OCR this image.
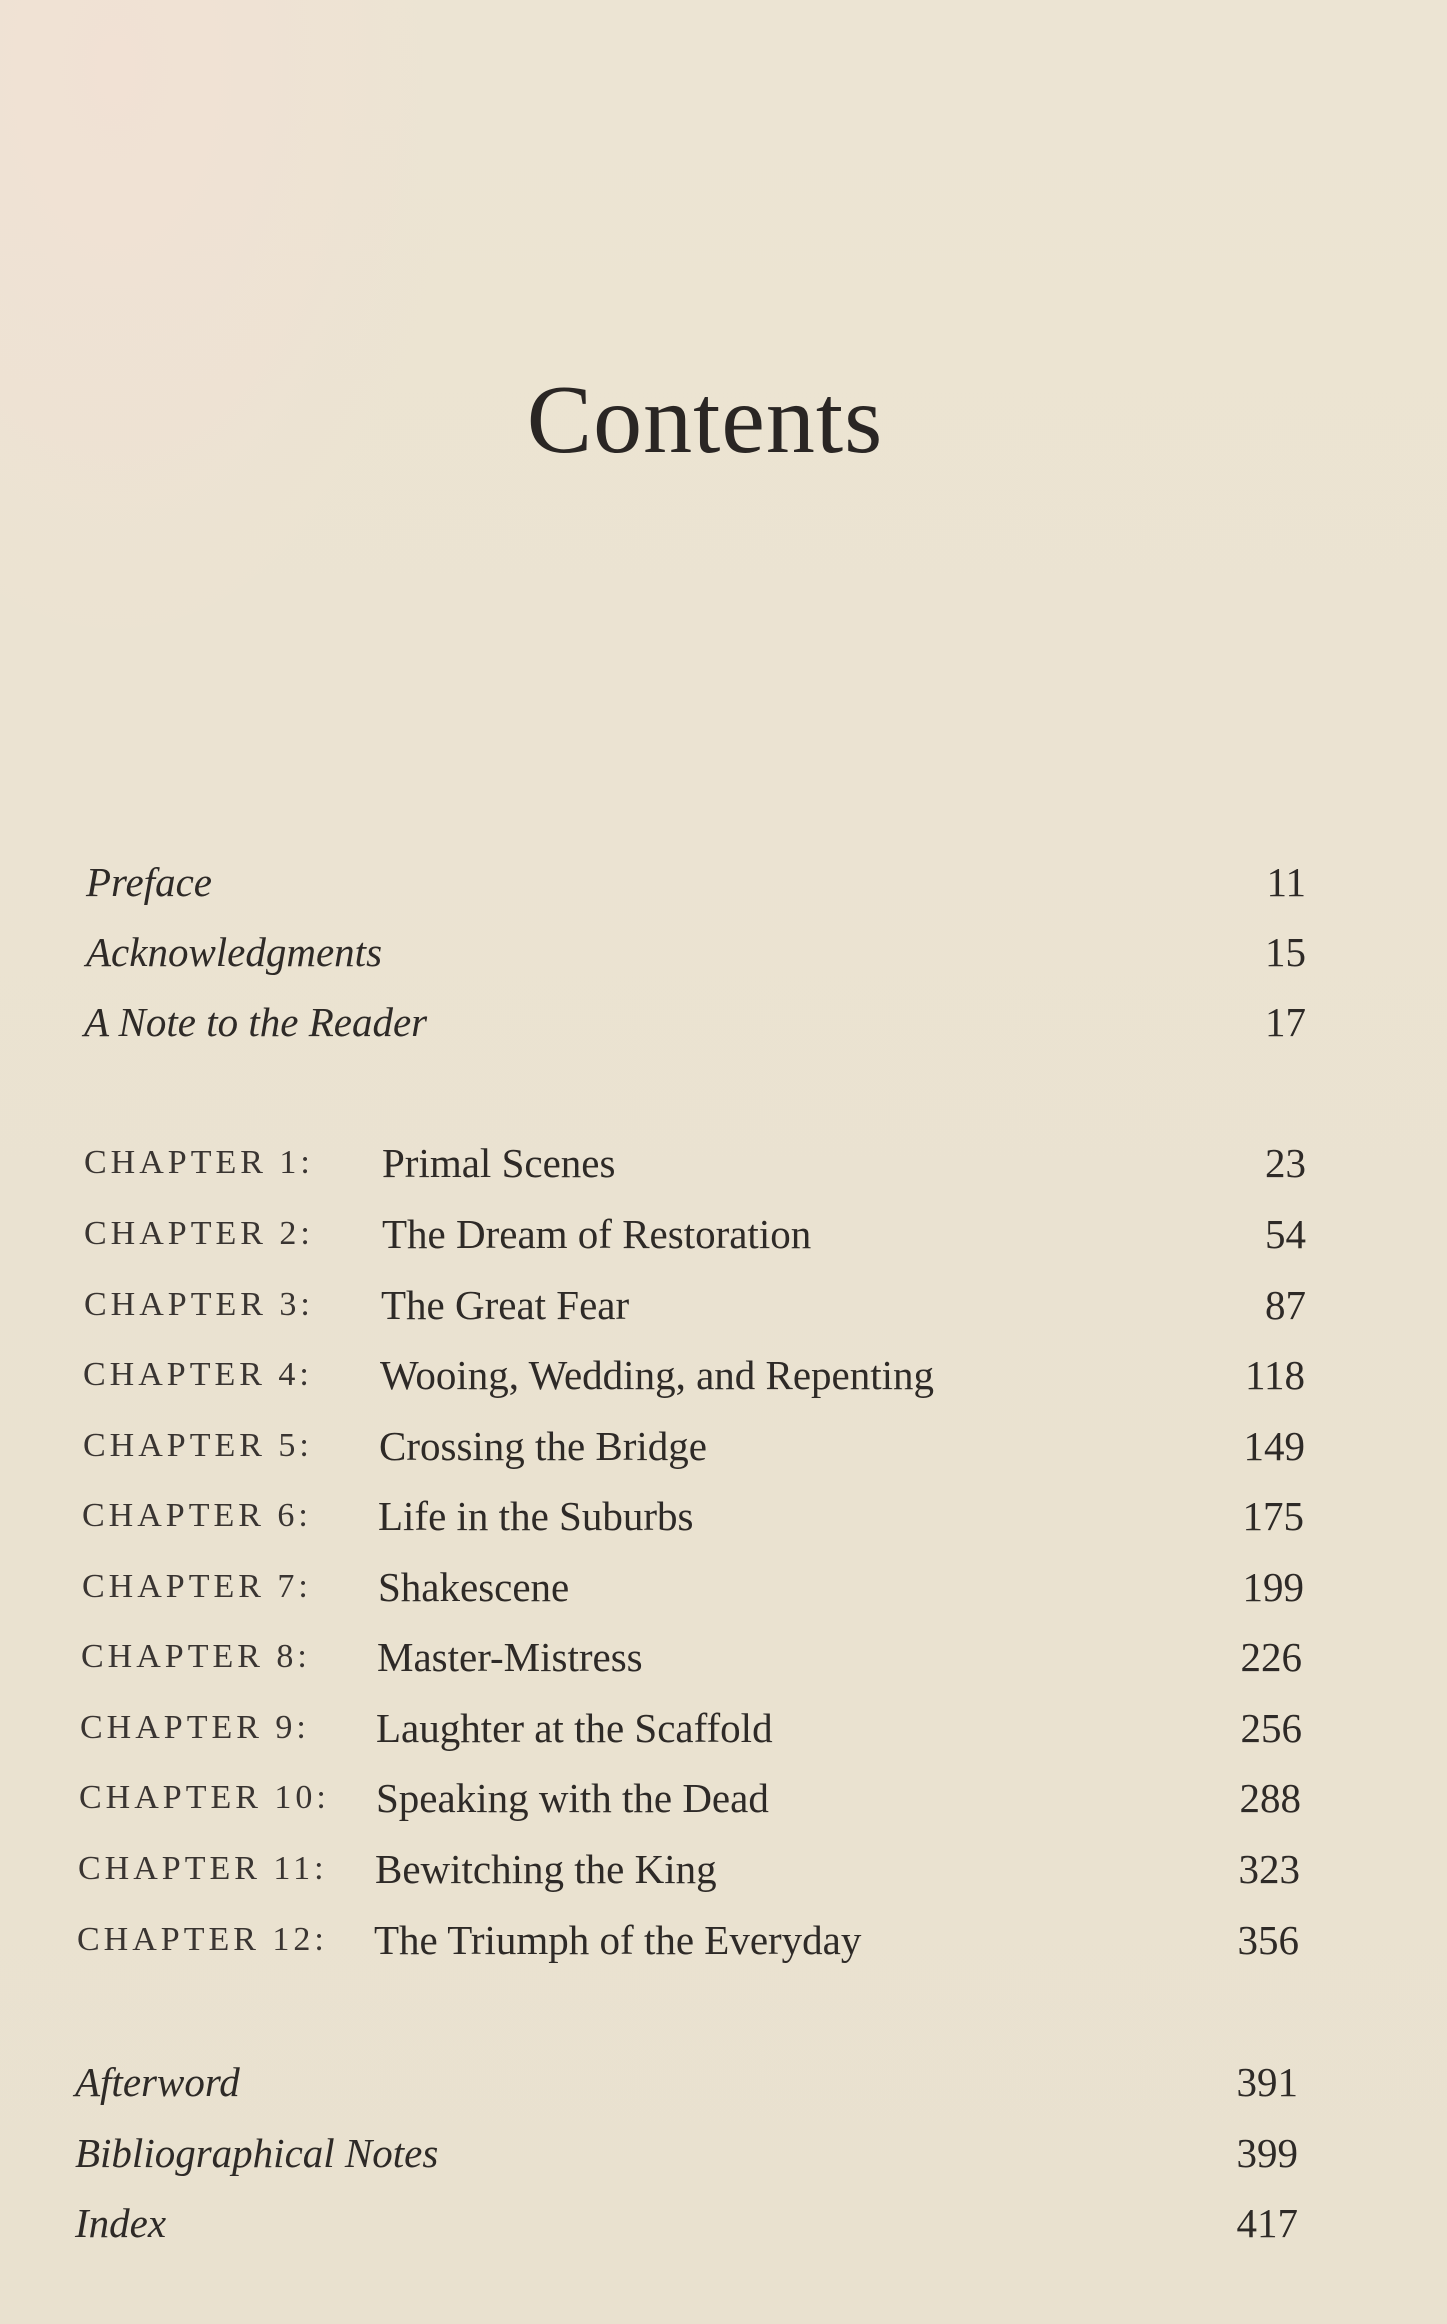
Contents
Preface	11
Acknowledgments	15
A Note to the Reader	17
CHAPTER 1: Primal Scenes	23
CHAPTER 2: The Dream of Restoration	54
CHAPTER 3: The Great Fear	87
CHAPTER 4: Wooing, Wedding, and Repenting	118
CHAPTER 5: Crossing the Bridge	149
CHAPTER 6: Life in the Suburbs	175
CHAPTER 7: Shakescene	199
CHAPTER 8: Master-Mistress	226
CHAPTER 9: Laughter at the Scaffold	256
CHAPTER 10: Speaking with the Dead	288
CHAPTER 11: Bewitching the King	323
CHAPTER 12: The Triumph of the Everyday	356
Afterword	391
Bibliographical Notes	399
Index	417
